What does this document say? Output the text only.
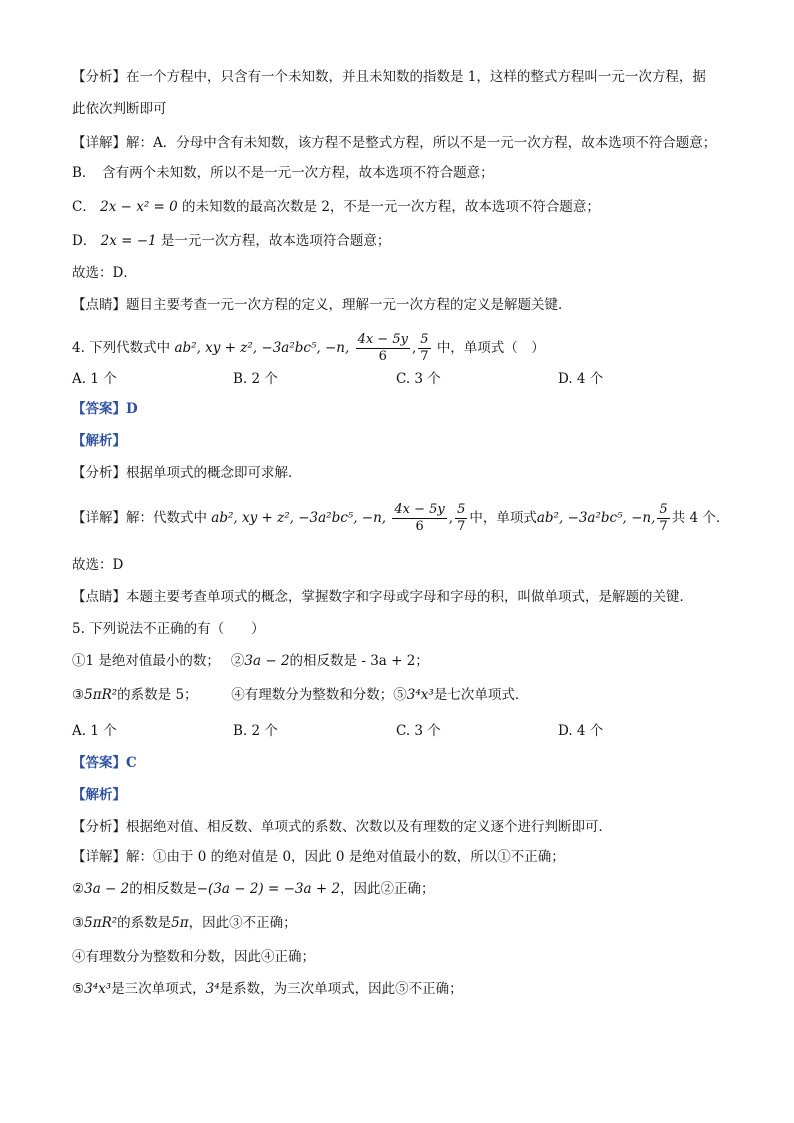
【分析】在一个方程中，只含有一个未知数，并且未知数的指数是 1，这样的整式方程叫一元一次方程，据
此依次判断即可
【详解】解：A．分母中含有未知数，该方程不是整式方程，所以不是一元一次方程，故本选项不符合题意；
B．　含有两个未知数，所以不是一元一次方程，故本选项不符合题意；
C． 2x − x² = 0 的未知数的最高次数是 2，不是一元一次方程，故本选项不符合题意；
D． 2x = −1 是一元一次方程，故本选项符合题意；
故选：D．
【点睛】题目主要考查一元一次方程的定义，理解一元一次方程的定义是解题关键．
4. 下列代数式中 ab², xy + z², −3a²bc⁵, −n, $\frac{4x - 5y}{6}$ , $\frac{5}{7}$ 中，单项式（　）
A. 1 个	B. 2 个	C. 3 个	D. 4 个
【答案】D
【解析】
【分析】根据单项式的概念即可求解．
【详解】解：代数式中 ab², xy + z², −3a²bc⁵, −n, $\frac{4x - 5y}{6}$ , $\frac{5}{7}$ 中，单项式ab², −3a²bc⁵, −n, $\frac{5}{7}$ 共 4 个．
故选：D
【点睛】本题主要考查单项式的概念，掌握数字和字母或字母和字母的积，叫做单项式，是解题的关键．
5. 下列说法不正确的有（　　）
①1 是绝对值最小的数；　 ②3a − 2的相反数是 - 3a + 2；
③5πR²的系数是 5；　　　④有理数分为整数和分数；⑤3⁴x³是七次单项式．
A. 1 个	B. 2 个	C. 3 个	D. 4 个
【答案】C
【解析】
【分析】根据绝对值、相反数、单项式的系数、次数以及有理数的定义逐个进行判断即可．
【详解】解：①由于 0 的绝对值是 0，因此 0 是绝对值最小的数，所以①不正确；
②3a − 2的相反数是−(3a − 2) = −3a + 2，因此②正确；
③5πR²的系数是5π，因此③不正确；
④有理数分为整数和分数，因此④正确；
⑤3⁴x³是三次单项式，3⁴是系数，为三次单项式，因此⑤不正确；
